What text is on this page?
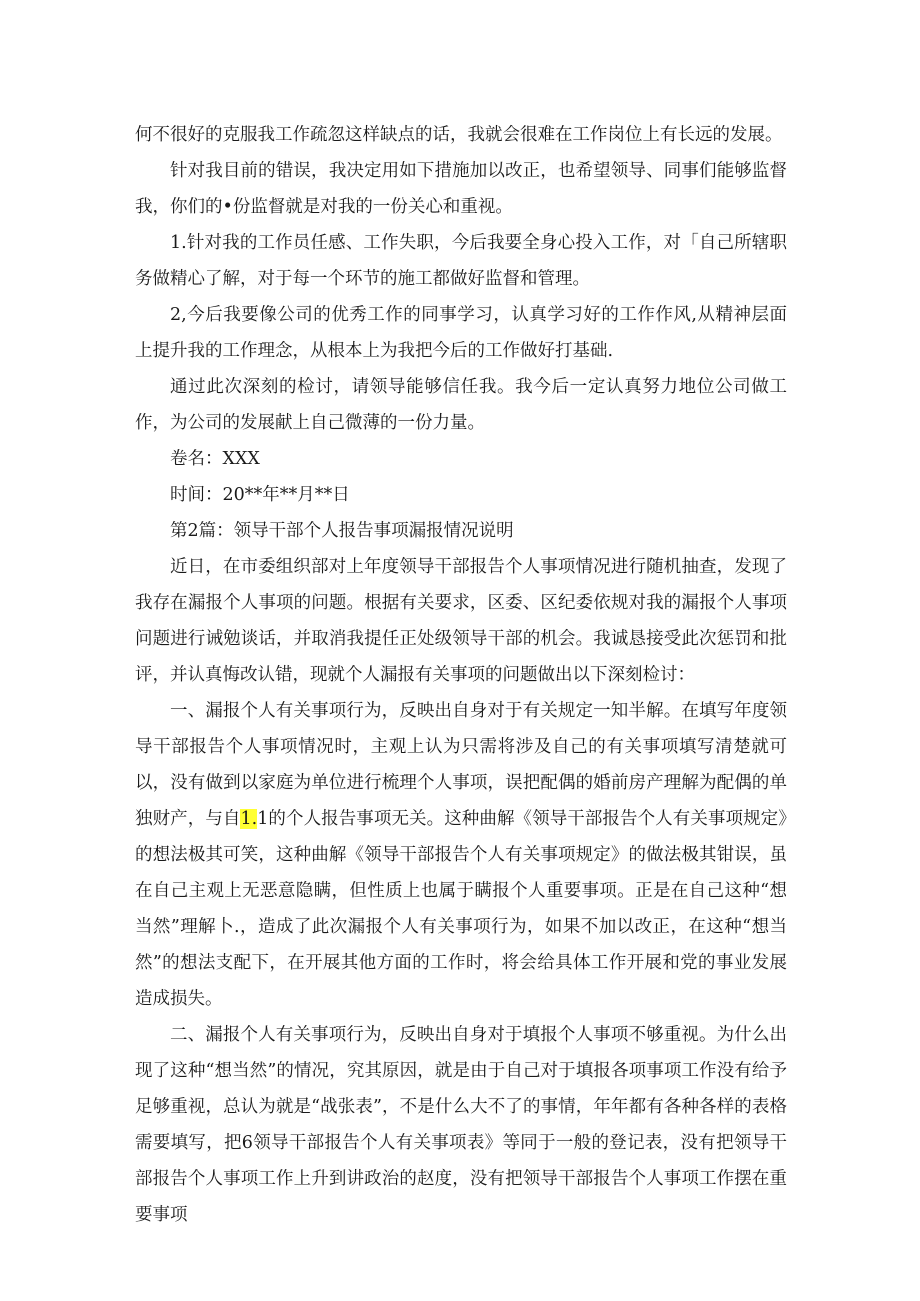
何不很好的克服我工作疏忽这样缺点的话，我就会很难在工作岗位上有长远的发展。

针对我目前的错误，我决定用如下措施加以改正，也希望领导、同事们能够监督我，你们的•份监督就是对我的一份关心和重视。

1.针对我的工作员任感、工作失职，今后我要全身心投入工作，对「自己所辖职务做精心了解，对于每一个环节的施工都做好监督和管理。

2,今后我要像公司的优秀工作的同事学习，认真学习好的工作作风,从精神层面上提升我的工作理念，从根本上为我把今后的工作做好打基础.

通过此次深刻的检讨，请领导能够信任我。我今后一定认真努力地位公司做工作，为公司的发展献上自己微薄的一份力量。

卷名：XXX

时间：20**年**月**日

第2篇：领导干部个人报告事项漏报情况说明

近日，在市委组织部对上年度领导干部报告个人事项情况进行随机抽查，发现了我存在漏报个人事项的问题。根据有关要求，区委、区纪委依规对我的漏报个人事项问题进行诫勉谈话，并取消我提任正处级领导干部的机会。我诚恳接受此次惩罚和批评，并认真悔改认错，现就个人漏报有关事项的问题做出以下深刻检讨：

一、漏报个人有关事项行为，反映出自身对于有关规定一知半解。在填写年度领导干部报告个人事项情况时，主观上认为只需将涉及自己的有关事项填写清楚就可以，没有做到以家庭为单位进行梳理个人事项，误把配偶的婚前房产理解为配偶的单独财产，与自1.1的个人报告事项无关。这种曲解《领导干部报告个人有关事项规定》的想法极其可笑，这种曲解《领导干部报告个人有关事项规定》的做法极其钳误，虽在自己主观上无恶意隐瞒，但性质上也属于瞒报个人重要事项。正是在自己这种“想当然”理解卜.，造成了此次漏报个人有关事项行为，如果不加以改正，在这种“想当然”的想法支配下，在开展其他方面的工作时，将会给具体工作开展和党的事业发展造成损失。

二、漏报个人有关事项行为，反映出自身对于填报个人事项不够重视。为什么出现了这种“想当然”的情况，究其原因，就是由于自己对于填报各项事项工作没有给予足够重视，总认为就是“战张表”，不是什么大不了的事情，年年都有各种各样的表格需要填写，把6领导干部报告个人有关事项表》等同于一般的登记表，没有把领导干部报告个人事项工作上升到讲政治的赵度，没有把领导干部报告个人事项工作摆在重要事项
